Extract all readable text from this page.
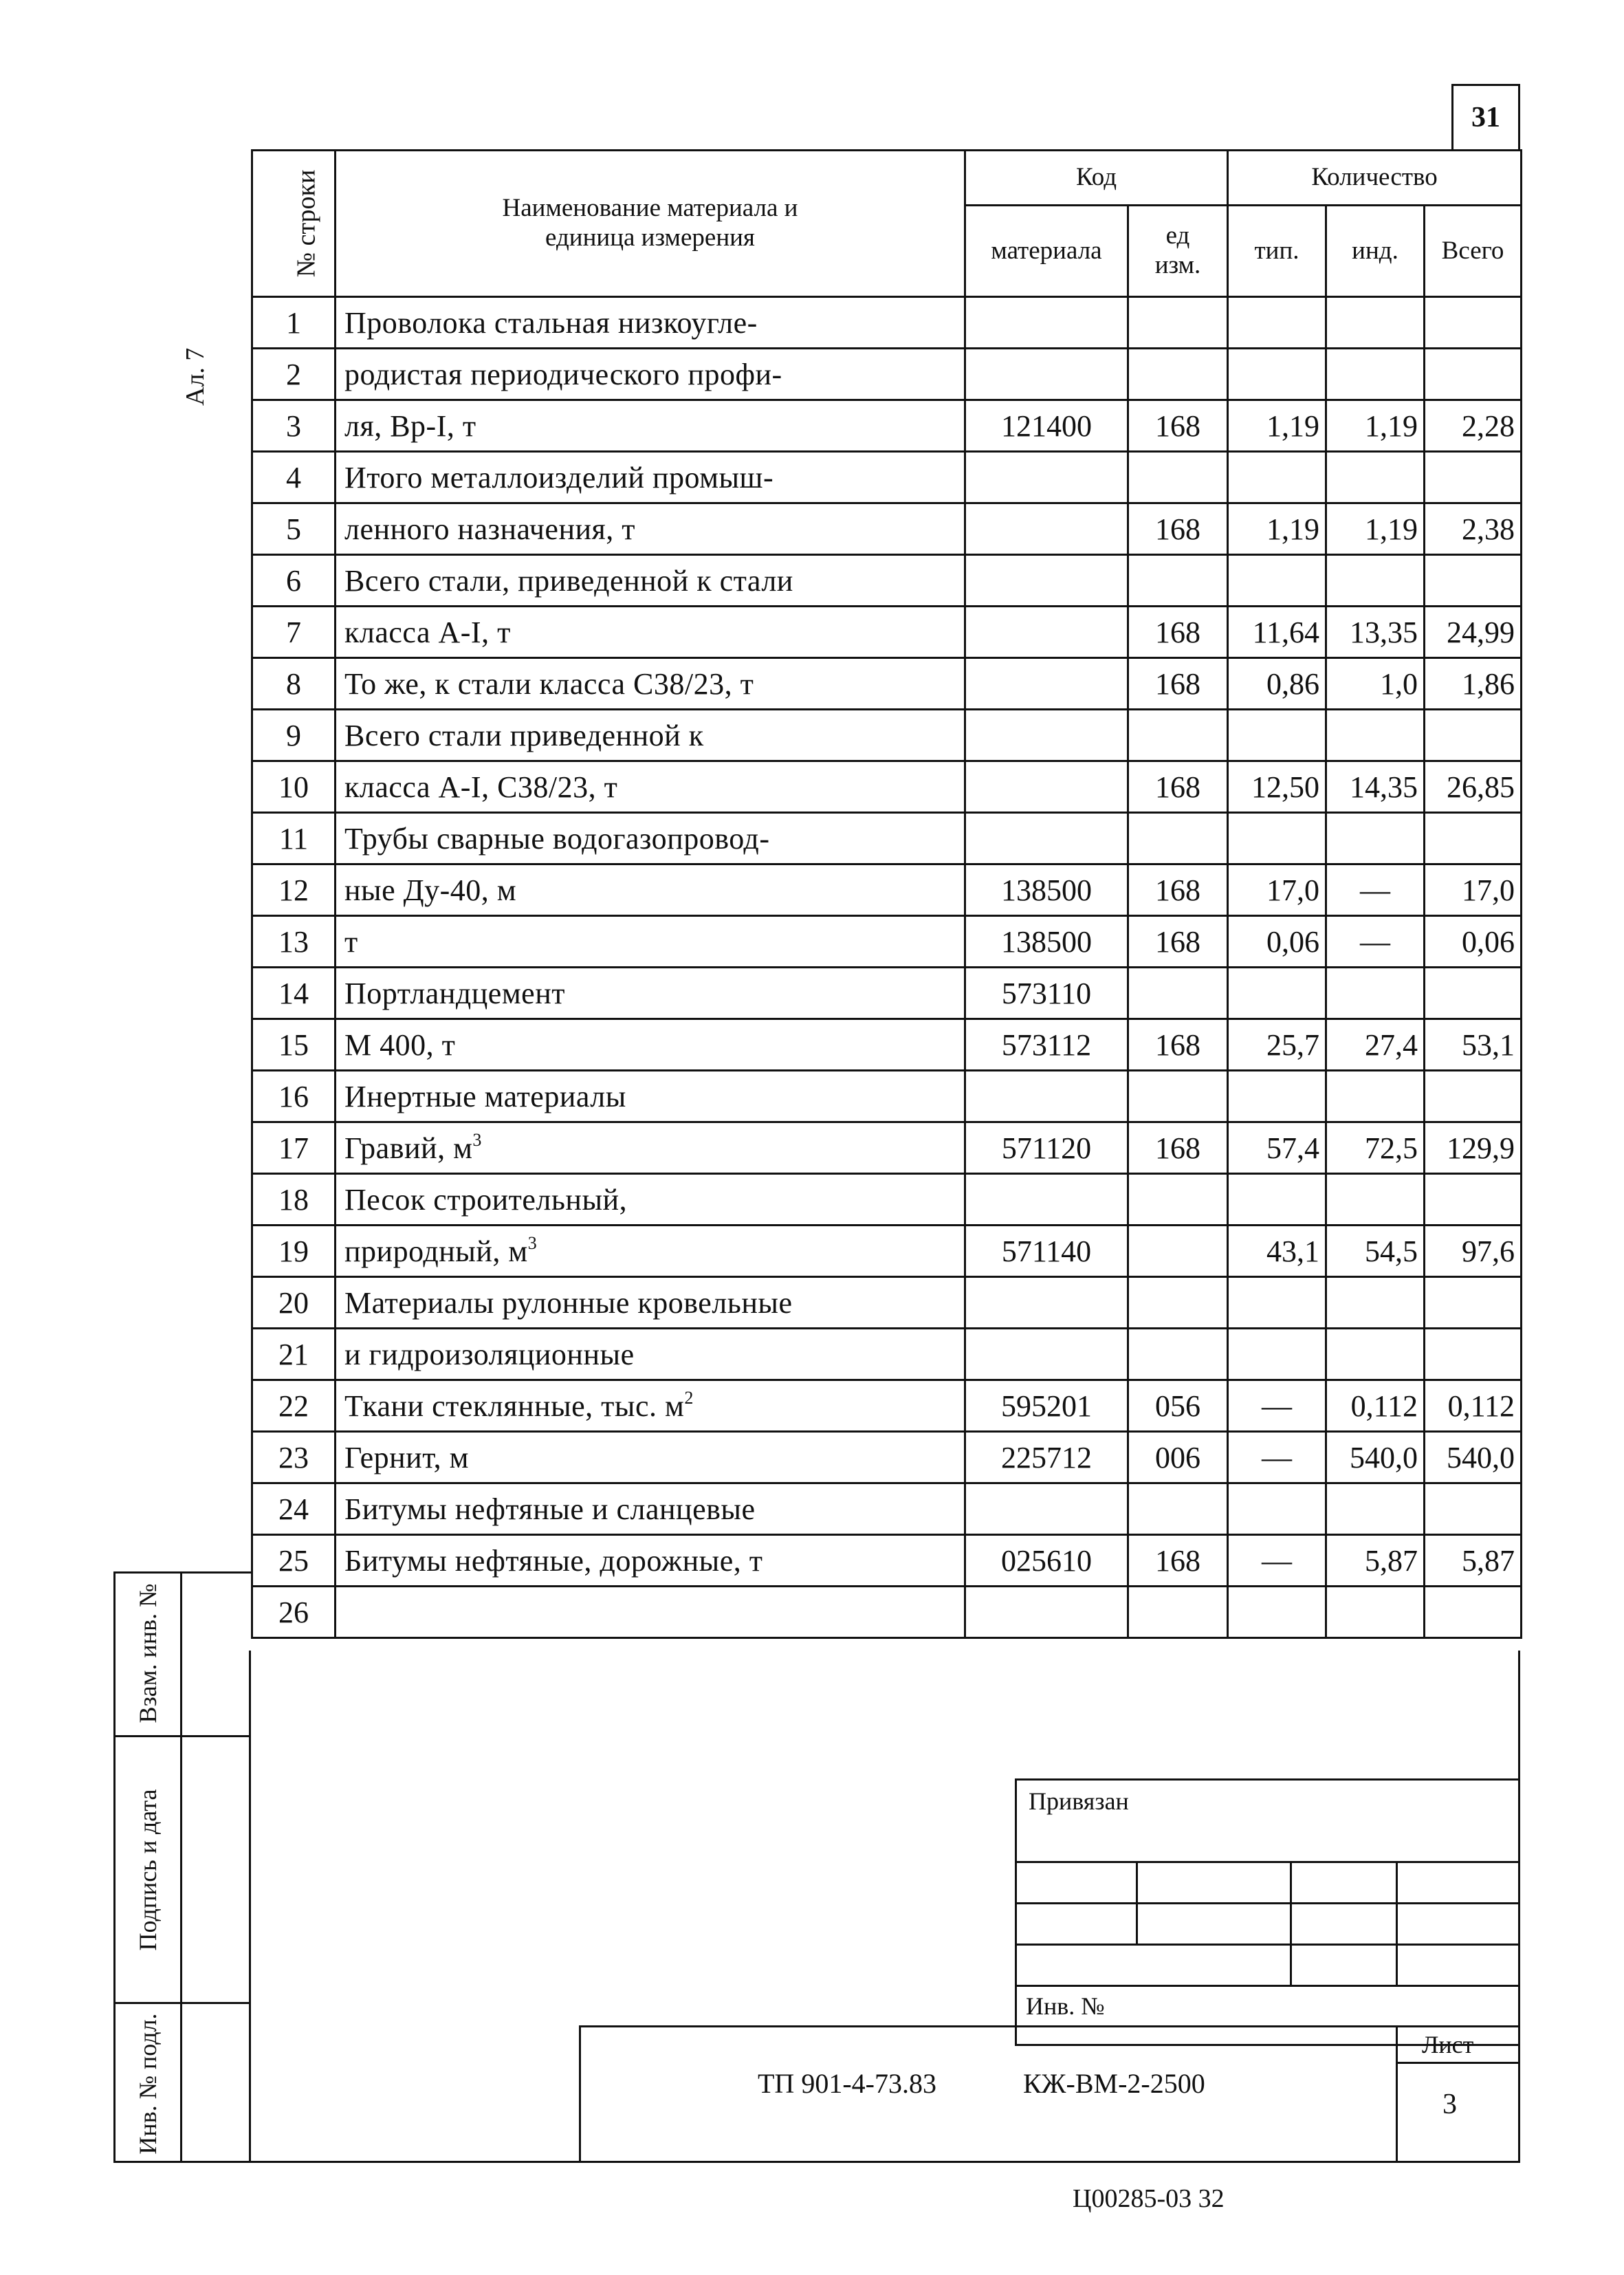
31
Ал. 7
№ строки	Наименование материала и единица измерения	Код		Количество		
		материала	ед изм.	тип.	инд.	Всего
1	Проволока стальная низкоугле-					
2	родистая периодического профи-					
3	ля, Вр-I, т	121400	168	1,19	1,19	2,28
4	Итого металлоизделий промыш-					
5	ленного назначения, т		168	1,19	1,19	2,38
6	Всего стали, приведенной к стали					
7	класса А-I, т		168	11,64	13,35	24,99
8	То же, к стали класса С38/23, т		168	0,86	1,0	1,86
9	Всего стали приведенной к					
10	класса А-I, С38/23, т		168	12,50	14,35	26,85
11	Трубы сварные водогазопровод-					
12	ные Ду-40, м	138500	168	17,0	—	17,0
13	т	138500	168	0,06	—	0,06
14	Портландцемент	573110				
15	М 400, т	573112	168	25,7	27,4	53,1
16	Инертные материалы					
17	Гравий, $м^3$	571120	168	57,4	72,5	129,9
18	Песок строительный,					
19	природный, $м^3$	571140		43,1	54,5	97,6
20	Материалы рулонные кровельные					
21	и гидроизоляционные					
22	Ткани стеклянные, тыс. $м^2$	595201	056	—	0,112	0,112
23	Гернит, м	225712	006	—	540,0	540,0
24	Битумы нефтяные и сланцевые					
25	Битумы нефтяные, дорожные, т	025610	168	—	5,87	5,87
26						
Взам. инв. №
Подпись и дата
Инв. № подл.
Привязан
Инв. №
ТП 901-4-73.83	КЖ-ВМ-2-2500
Лист
3
Ц00285-03 32
